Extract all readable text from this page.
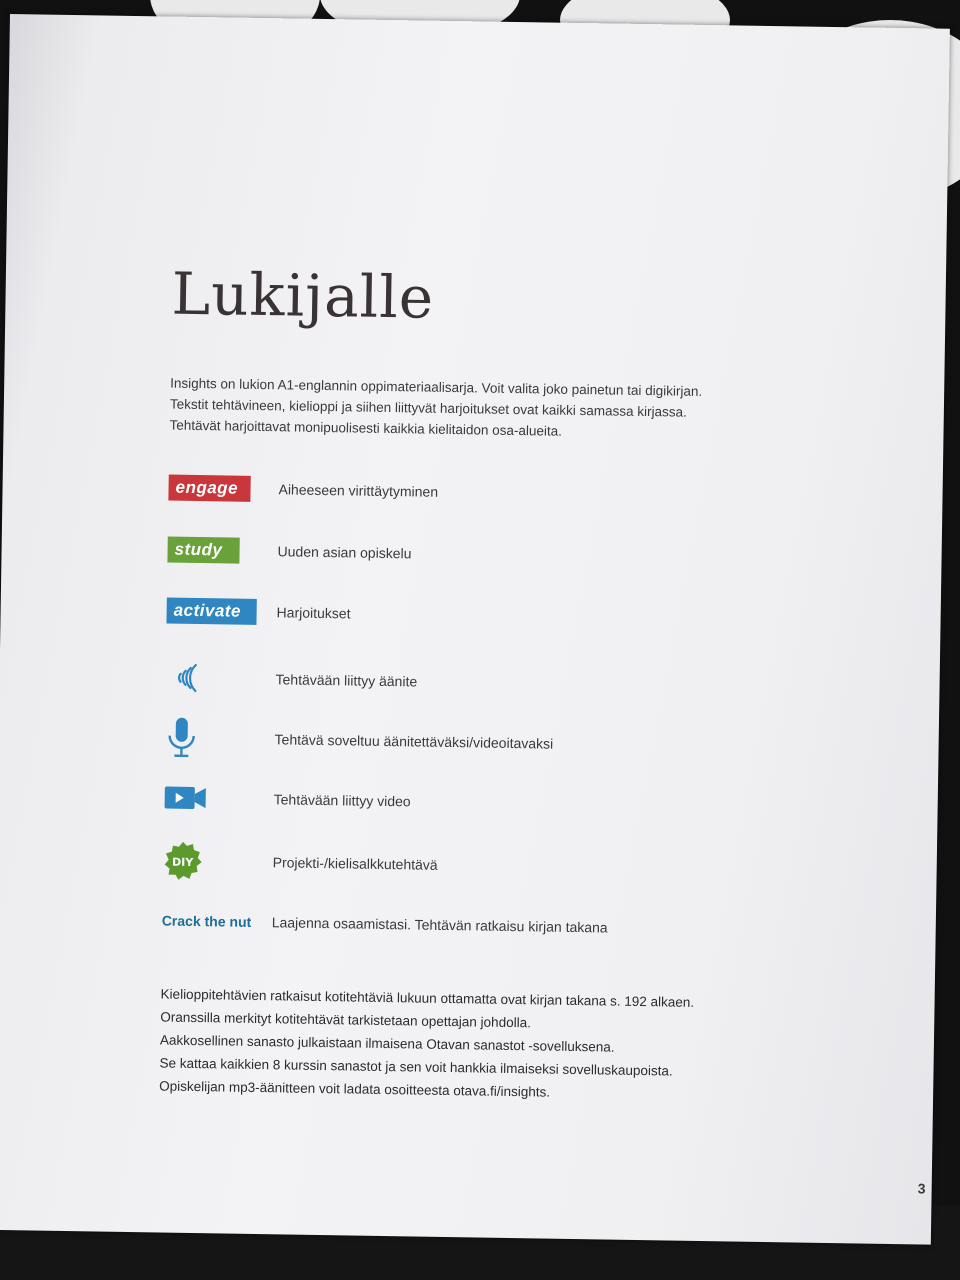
Lukijalle

Insights on lukion A1-englannin oppimateriaalisarja. Voit valita joko painetun tai digikirjan.
Tekstit tehtävineen, kielioppi ja siihen liittyvät harjoitukset ovat kaikki samassa kirjassa.
Tehtävät harjoittavat monipuolisesti kaikkia kielitaidon osa-alueita.

engage	Aiheeseen virittäytyminen
study	Uuden asian opiskelu
activate	Harjoitukset
Tehtävään liittyy äänite
Tehtävä soveltuu äänitettäväksi/videoitavaksi
Tehtävään liittyy video
DIY	Projekti-/kielisalkkutehtävä
Crack the nut	Laajenna osaamistasi. Tehtävän ratkaisu kirjan takana

Kielioppitehtävien ratkaisut kotitehtäviä lukuun ottamatta ovat kirjan takana s. 192 alkaen.
Oranssilla merkityt kotitehtävät tarkistetaan opettajan johdolla.
Aakkosellinen sanasto julkaistaan ilmaisena Otavan sanastot -sovelluksena.
Se kattaa kaikkien 8 kurssin sanastot ja sen voit hankkia ilmaiseksi sovelluskaupoista.
Opiskelijan mp3-äänitteen voit ladata osoitteesta otava.fi/insights.

3
